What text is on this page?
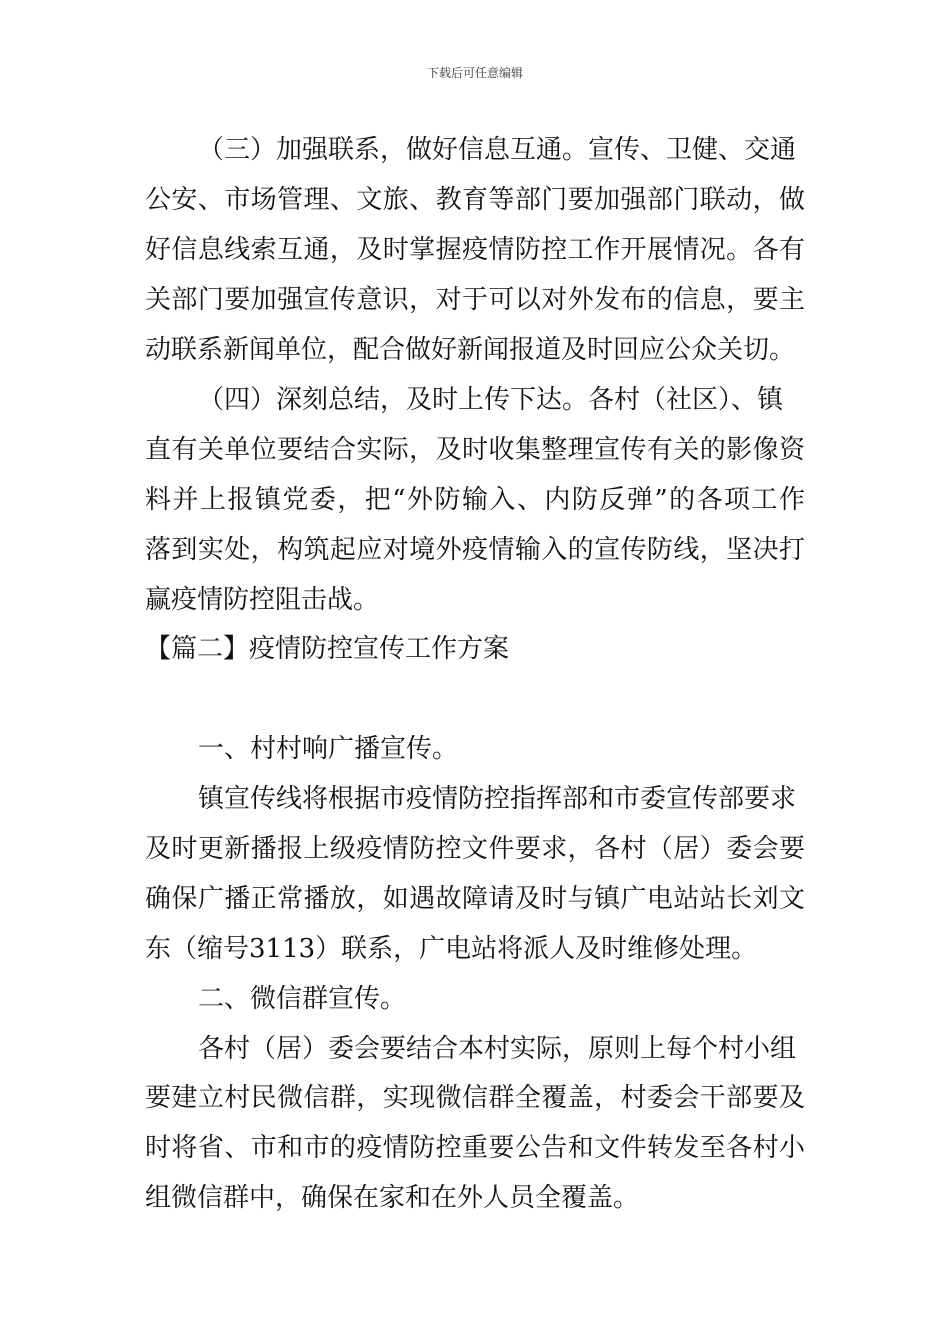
下载后可任意编辑
（三）加强联系，做好信息互通。宣传、卫健、交通
公安、市场管理、文旅、教育等部门要加强部门联动，做
好信息线索互通，及时掌握疫情防控工作开展情况。各有
关部门要加强宣传意识，对于可以对外发布的信息，要主
动联系新闻单位，配合做好新闻报道及时回应公众关切。
（四）深刻总结，及时上传下达。各村（社区）、镇
直有关单位要结合实际，及时收集整理宣传有关的影像资
料并上报镇党委，把“外防输入、内防反弹”的各项工作
落到实处，构筑起应对境外疫情输入的宣传防线，坚决打
赢疫情防控阻击战。
【篇二】疫情防控宣传工作方案
一、村村响广播宣传。
镇宣传线将根据市疫情防控指挥部和市委宣传部要求
及时更新播报上级疫情防控文件要求，各村（居）委会要
确保广播正常播放，如遇故障请及时与镇广电站站长刘文
东（缩号3113）联系，广电站将派人及时维修处理。
二、微信群宣传。
各村（居）委会要结合本村实际，原则上每个村小组
要建立村民微信群，实现微信群全覆盖，村委会干部要及
时将省、市和市的疫情防控重要公告和文件转发至各村小
组微信群中，确保在家和在外人员全覆盖。
